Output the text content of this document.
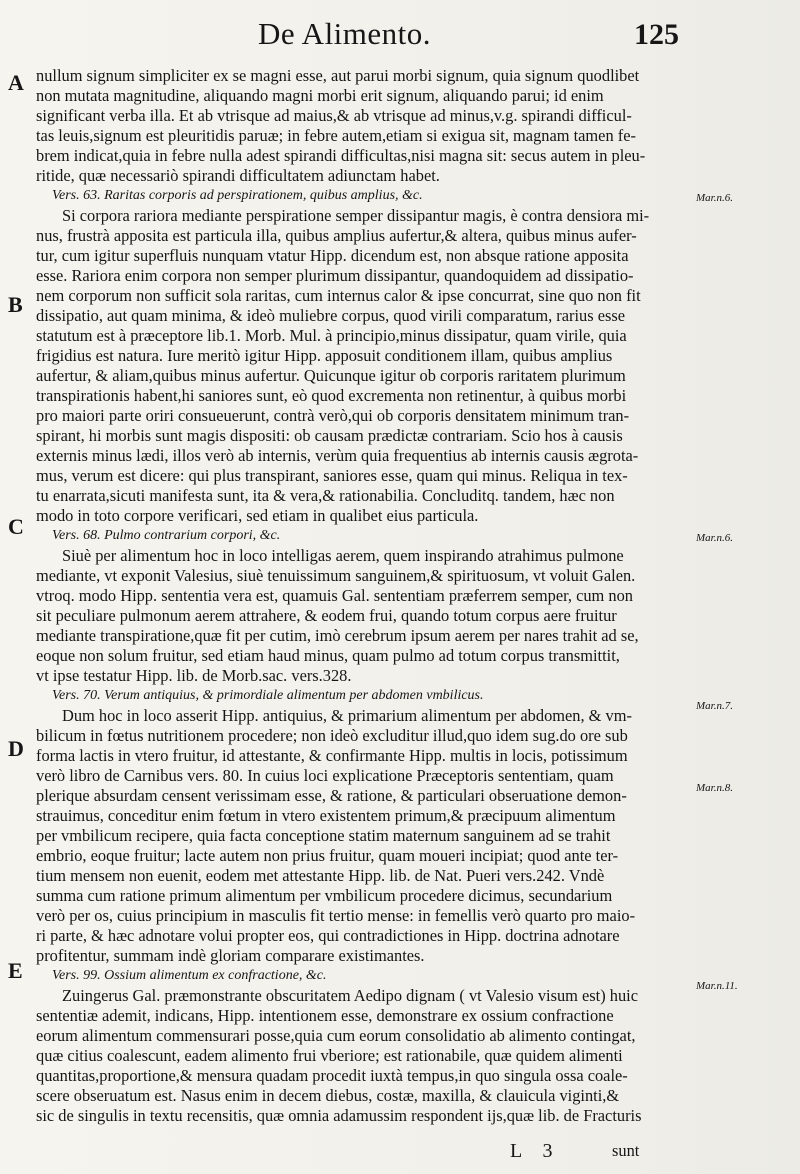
De Alimento.	125
A
B
C
D
E
Mar.n.6.
Mar.n.6.
Mar.n.7.
Mar.n.8.
Mar.n.11.
nullum signum simpliciter ex se magni esse, aut parui morbi signum, quia signum quodlibet
non mutata magnitudine, aliquando magni morbi erit signum, aliquando parui; id enim
significant verba illa. Et ab vtrisque ad maius,& ab vtrisque ad minus,v.g. spirandi difficul-
tas leuis,signum est pleuritidis paruæ; in febre autem,etiam si exigua sit, magnam tamen fe-
brem indicat,quia in febre nulla adest spirandi difficultas,nisi magna sit: secus autem in pleu-
ritide, quæ necessariò spirandi difficultatem adiunctam habet.
Vers. 63. Raritas corporis ad perspirationem, quibus amplius, &c.
Si corpora rariora mediante perspiratione semper dissipantur magis, è contra densiora mi-
nus, frustrà apposita est particula illa, quibus amplius aufertur,& altera, quibus minus aufer-
tur, cum igitur superfluis nunquam vtatur Hipp. dicendum est, non absque ratione apposita
esse. Rariora enim corpora non semper plurimum dissipantur, quandoquidem ad dissipatio-
nem corporum non sufficit sola raritas, cum internus calor & ipse concurrat, sine quo non fit
dissipatio, aut quam minima, & ideò muliebre corpus, quod virili comparatum, rarius esse
statutum est à præceptore lib.1. Morb. Mul. à principio,minus dissipatur, quam virile, quia
frigidius est natura. Iure meritò igitur Hipp. apposuit conditionem illam, quibus amplius
aufertur, & aliam,quibus minus aufertur. Quicunque igitur ob corporis raritatem plurimum
transpirationis habent,hi saniores sunt, eò quod excrementa non retinentur, à quibus morbi
pro maiori parte oriri consueuerunt, contrà verò,qui ob corporis densitatem minimum tran-
spirant, hi morbis sunt magis dispositi: ob causam prædictæ contrariam. Scio hos à causis
externis minus lædi, illos verò ab internis, verùm quia frequentius ab internis causis ægrota-
mus, verum est dicere: qui plus transpirant, saniores esse, quam qui minus. Reliqua in tex-
tu enarrata,sicuti manifesta sunt, ita & vera,& rationabilia. Concluditq. tandem, hæc non
modo in toto corpore verificari, sed etiam in qualibet eius particula.
Vers. 68. Pulmo contrarium corpori, &c.
Siuè per alimentum hoc in loco intelligas aerem, quem inspirando atrahimus pulmone
mediante, vt exponit Valesius, siuè tenuissimum sanguinem,& spirituosum, vt voluit Galen.
vtroq. modo Hipp. sententia vera est, quamuis Gal. sententiam præferrem semper, cum non
sit peculiare pulmonum aerem attrahere, & eodem frui, quando totum corpus aere fruitur
mediante transpiratione,quæ fit per cutim, imò cerebrum ipsum aerem per nares trahit ad se,
eoque non solum fruitur, sed etiam haud minus, quam pulmo ad totum corpus transmittit,
vt ipse testatur Hipp. lib. de Morb.sac. vers.328.
Vers. 70. Verum antiquius, & primordiale alimentum per abdomen vmbilicus.
Dum hoc in loco asserit Hipp. antiquius, & primarium alimentum per abdomen, & vm-
bilicum in fœtus nutritionem procedere; non ideò excluditur illud,quo idem sug.do ore sub
forma lactis in vtero fruitur, id attestante, & confirmante Hipp. multis in locis, potissimum
verò libro de Carnibus vers. 80. In cuius loci explicatione Præceptoris sententiam, quam
plerique absurdam censent verissimam esse, & ratione, & particulari obseruatione demon-
strauimus, conceditur enim fœtum in vtero existentem primum,& præcipuum alimentum
per vmbilicum recipere, quia facta conceptione statim maternum sanguinem ad se trahit
embrio, eoque fruitur; lacte autem non prius fruitur, quam moueri incipiat; quod ante ter-
tium mensem non euenit, eodem met attestante Hipp. lib. de Nat. Pueri vers.242. Vndè
summa cum ratione primum alimentum per vmbilicum procedere dicimus, secundarium
verò per os, cuius principium in masculis fit tertio mense: in femellis verò quarto pro maio-
ri parte, & hæc adnotare volui propter eos, qui contradictiones in Hipp. doctrina adnotare
profitentur, summam indè gloriam comparare existimantes.
Vers. 99. Ossium alimentum ex confractione, &c.
Zuingerus Gal. præmonstrante obscuritatem Aedipo dignam ( vt Valesio visum est) huic
sententiæ ademit, indicans, Hipp. intentionem esse, demonstrare ex ossium confractione
eorum alimentum commensurari posse,quia cum eorum consolidatio ab alimento contingat,
quæ citius coalescunt, eadem alimento frui vberiore; est rationabile, quæ quidem alimenti
quantitas,proportione,& mensura quadam procedit iuxtà tempus,in quo singula ossa coale-
scere obseruatum est. Nasus enim in decem diebus, costæ, maxilla, & clauicula viginti,&
sic de singulis in textu recensitis, quæ omnia adamussim respondent ijs,quæ lib. de Fracturis
L 3	sunt
